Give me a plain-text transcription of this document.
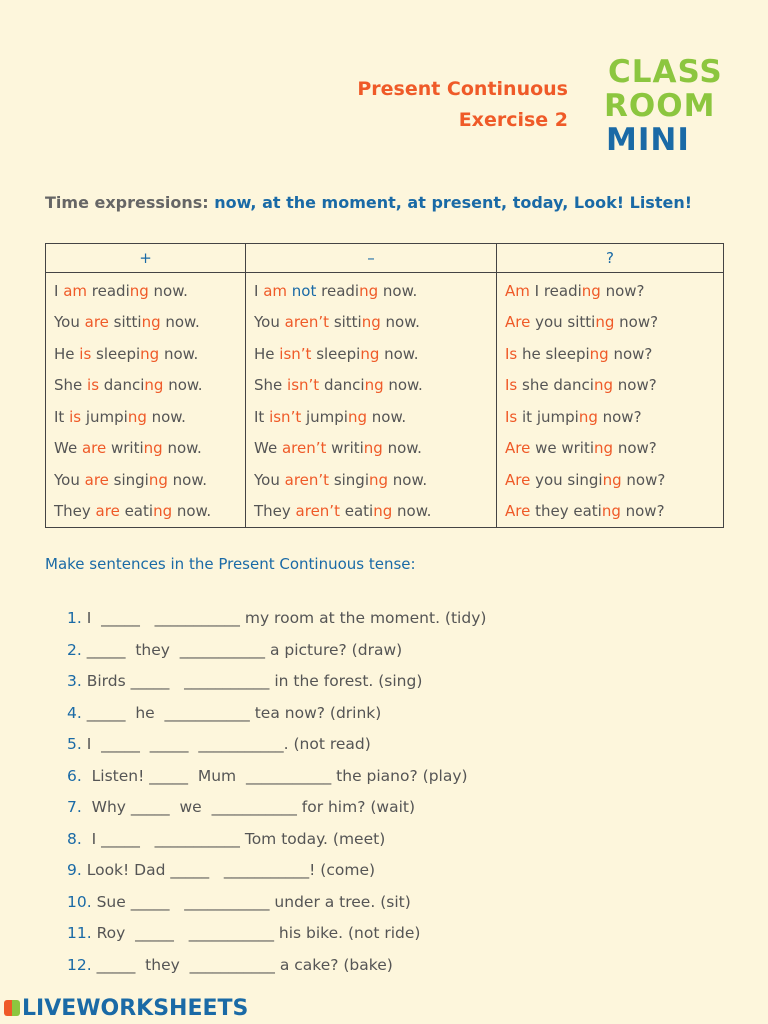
Present Continuous
Exercise 2
CLASS
ROOM
MINI
Time expressions: now, at the moment, at present, today, Look! Listen!
+	–	?
I am reading now.	I am not reading now.	Am I reading now?
You are sitting now.	You aren’t sitting now.	Are you sitting now?
He is sleeping now.	He isn’t sleeping now.	Is he sleeping now?
She is dancing now.	She isn’t dancing now.	Is she dancing now?
It is jumping now.	It isn’t jumping now.	Is it jumping now?
We are writing now.	We aren’t writing now.	Are we writing now?
You are singing now.	You aren’t singing now.	Are you singing now?
They are eating now.	They aren’t eating now.	Are they eating now?
Make sentences in the Present Continuous tense:
1. I  _____   ___________ my room at the moment. (tidy)
2. _____  they  ___________ a picture? (draw)
3. Birds _____   ___________ in the forest. (sing)
4. _____  he  ___________ tea now? (drink)
5. I  _____  _____  ___________. (not read)
6.  Listen! _____  Mum  ___________ the piano? (play)
7.  Why _____  we  ___________ for him? (wait)
8.  I _____   ___________ Tom today. (meet)
9. Look! Dad _____   ___________! (come)
10. Sue _____   ___________ under a tree. (sit)
11. Roy  _____   ___________ his bike. (not ride)
12. _____  they  ___________ a cake? (bake)
LIVEWORKSHEETS
